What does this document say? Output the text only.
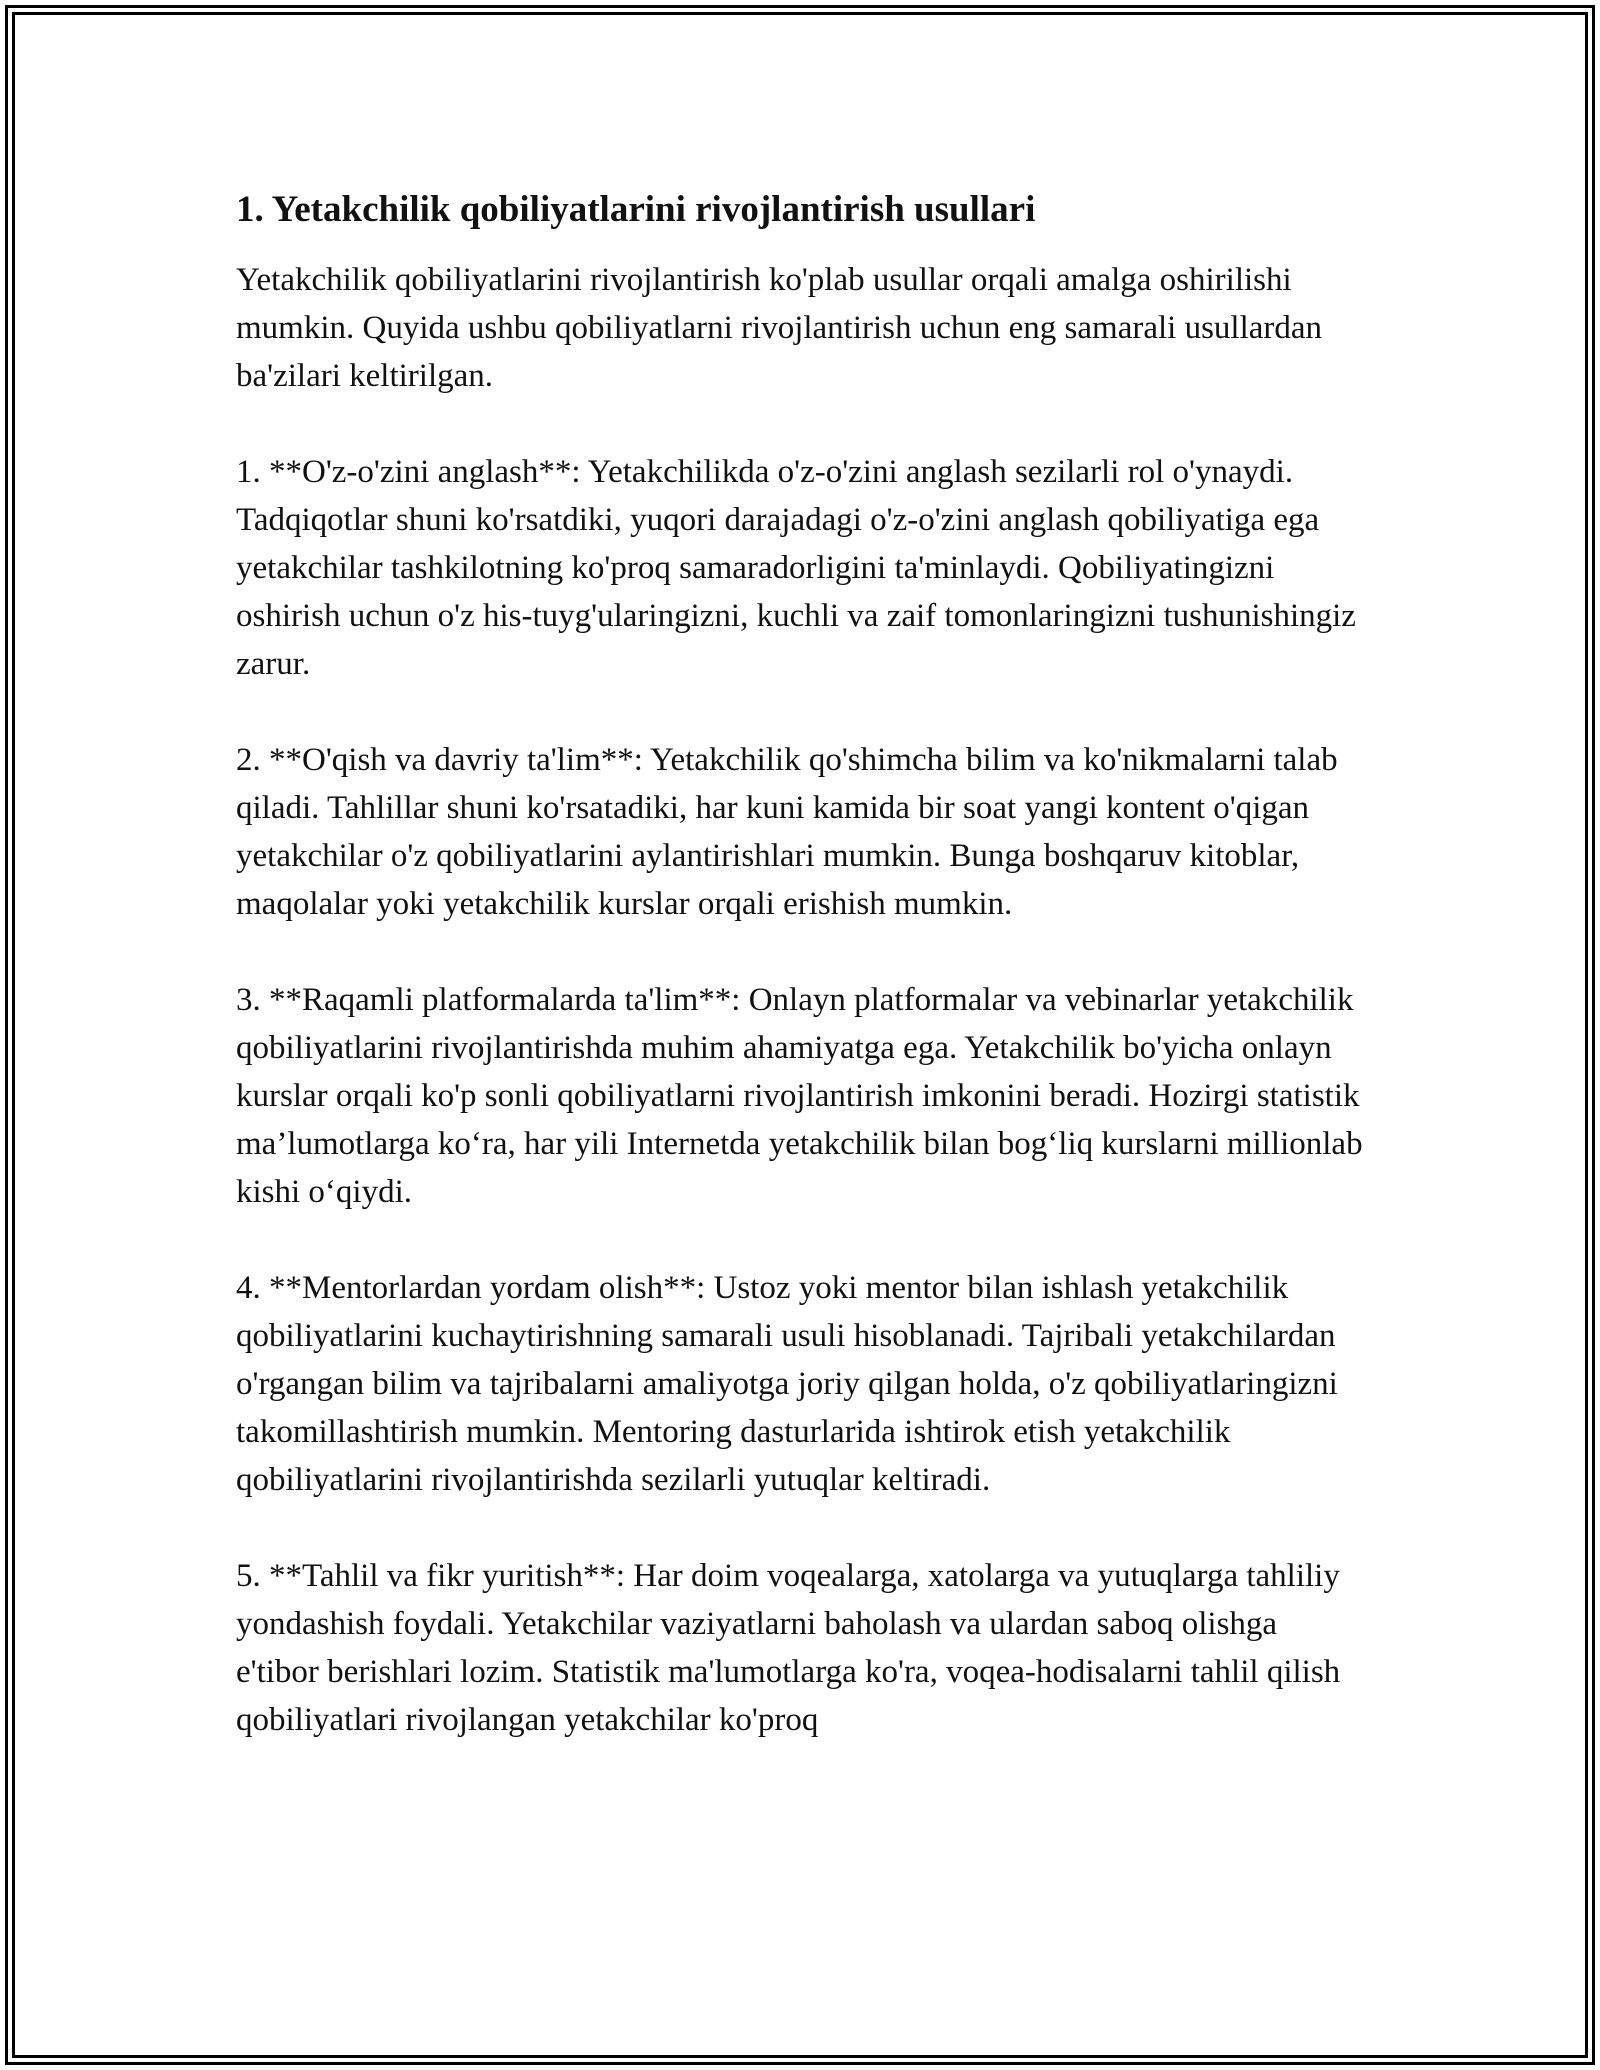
1. Yetakchilik qobiliyatlarini rivojlantirish usullari

Yetakchilik qobiliyatlarini rivojlantirish ko'plab usullar orqali amalga oshirilishi mumkin. Quyida ushbu qobiliyatlarni rivojlantirish uchun eng samarali usullardan ba'zilari keltirilgan.

1. **O'z-o'zini anglash**: Yetakchilikda o'z-o'zini anglash sezilarli rol o'ynaydi. Tadqiqotlar shuni ko'rsatdiki, yuqori darajadagi o'z-o'zini anglash qobiliyatiga ega yetakchilar tashkilotning ko'proq samaradorligini ta'minlaydi. Qobiliyatingizni oshirish uchun o'z his-tuyg'ularingizni, kuchli va zaif tomonlaringizni tushunishingiz zarur.

2. **O'qish va davriy ta'lim**: Yetakchilik qo'shimcha bilim va ko'nikmalarni talab qiladi. Tahlillar shuni ko'rsatadiki, har kuni kamida bir soat yangi kontent o'qigan yetakchilar o'z qobiliyatlarini aylantirishlari mumkin. Bunga boshqaruv kitoblar, maqolalar yoki yetakchilik kurslar orqali erishish mumkin.

3. **Raqamli platformalarda ta'lim**: Onlayn platformalar va vebinarlar yetakchilik qobiliyatlarini rivojlantirishda muhim ahamiyatga ega. Yetakchilik bo'yicha onlayn kurslar orqali ko'p sonli qobiliyatlarni rivojlantirish imkonini beradi. Hozirgi statistik ma’lumotlarga ko‘ra, har yili Internetda yetakchilik bilan bog‘liq kurslarni millionlab kishi o‘qiydi.

4. **Mentorlardan yordam olish**: Ustoz yoki mentor bilan ishlash yetakchilik qobiliyatlarini kuchaytirishning samarali usuli hisoblanadi. Tajribali yetakchilardan o'rgangan bilim va tajribalarni amaliyotga joriy qilgan holda, o'z qobiliyatlaringizni takomillashtirish mumkin. Mentoring dasturlarida ishtirok etish yetakchilik qobiliyatlarini rivojlantirishda sezilarli yutuqlar keltiradi.

5. **Tahlil va fikr yuritish**: Har doim voqealarga, xatolarga va yutuqlarga tahliliy yondashish foydali. Yetakchilar vaziyatlarni baholash va ulardan saboq olishga e'tibor berishlari lozim. Statistik ma'lumotlarga ko'ra, voqea-hodisalarni tahlil qilish qobiliyatlari rivojlangan yetakchilar ko'proq
